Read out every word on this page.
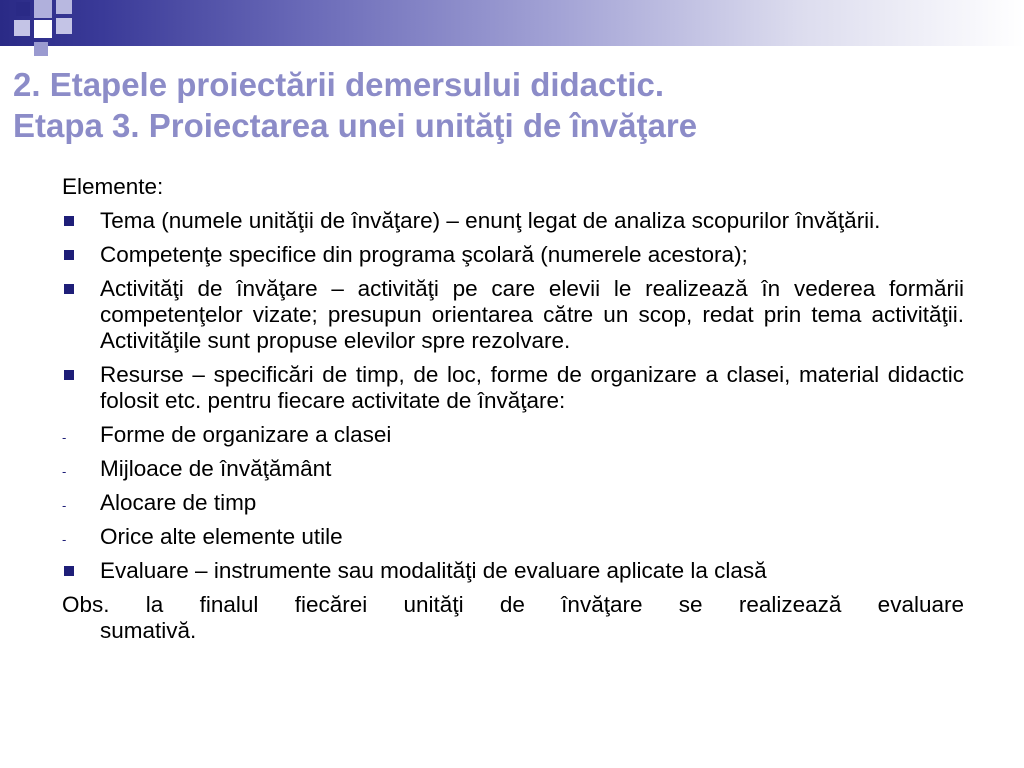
2. Etapele proiectării demersului didactic.
Etapa 3. Proiectarea unei unităţi de învăţare
Elemente:
Tema (numele unităţii de învăţare) – enunţ legat de analiza scopurilor învăţării.
Competenţe specifice din programa şcolară (numerele acestora);
Activităţi de învăţare – activităţi pe care elevii le realizează în vederea formării competenţelor vizate; presupun orientarea către un scop, redat prin tema activităţii. Activităţile sunt propuse elevilor spre rezolvare.
Resurse – specificări de timp, de loc, forme de organizare a clasei, material didactic folosit etc. pentru fiecare activitate de învăţare:
- Forme de organizare a clasei
- Mijloace de învăţământ
- Alocare de timp
- Orice alte elemente utile
Evaluare – instrumente sau modalităţi de evaluare aplicate la clasă
Obs. la finalul fiecărei unităţi de învăţare se realizează evaluare
sumativă.
